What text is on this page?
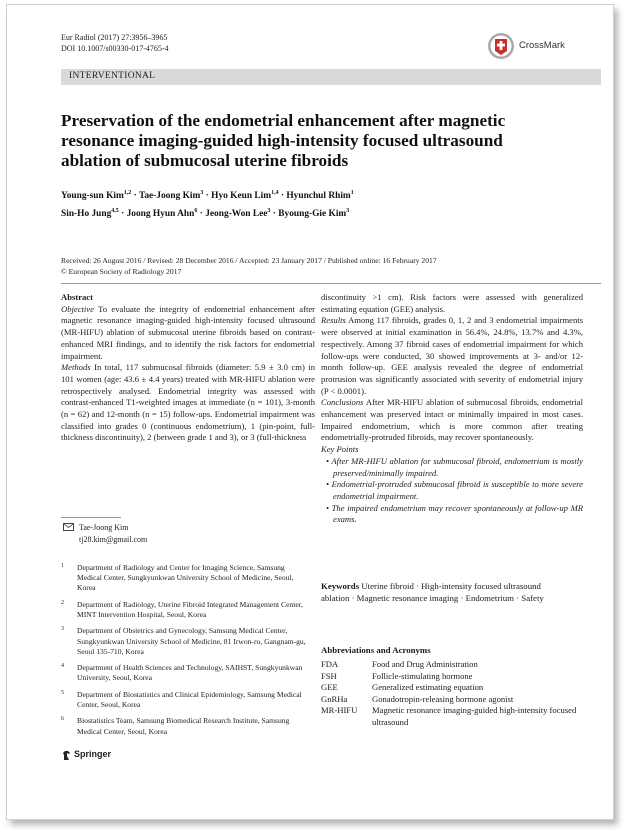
Eur Radiol (2017) 27:3956–3965
DOI 10.1007/s00330-017-4765-4	CrossMark
INTERVENTIONAL
Preservation of the endometrial enhancement after magnetic
resonance imaging-guided high-intensity focused ultrasound
ablation of submucosal uterine fibroids
Young-sun Kim$^{1,2}$ · Tae-Joong Kim$^3$ · Hyo Keun Lim$^{1,4}$ · Hyunchul Rhim$^1$
Sin-Ho Jung$^{4,5}$ · Joong Hyun Ahn$^6$ · Jeong-Won Lee$^3$ · Byoung-Gie Kim$^3$
Received: 26 August 2016 / Revised: 28 December 2016 / Accepted: 23 January 2017 / Published online: 16 February 2017
© European Society of Radiology 2017
Abstract

Objective To evaluate the integrity of endometrial enhancement after magnetic resonance imaging-guided high-intensity focused ultrasound (MR-HIFU) ablation of submucosal uterine fibroids based on contrast-enhanced MRI findings, and to identify the risk factors for endometrial impairment.

Methods In total, 117 submucosal fibroids (diameter: 5.9 ± 3.0 cm) in 101 women (age: 43.6 ± 4.4 years) treated with MR-HIFU ablation were retrospectively analysed. Endometrial integrity was assessed with contrast-enhanced T1-weighted images at immediate (n = 101), 3-month (n = 62) and 12-month (n = 15) follow-ups. Endometrial impairment was classified into grades 0 (continuous endometrium), 1 (pin-point, full-thickness discontinuity), 2 (between grade 1 and 3), or 3 (full-thickness

Tae-Joong Kim
tj28.kim@gmail.com
1 Department of Radiology and Center for Imaging Science, Samsung Medical Center, Sungkyunkwan University School of Medicine, Seoul, Korea
2 Department of Radiology, Uterine Fibroid Integrated Management Center, MINT Intervention Hospital, Seoul, Korea
3 Department of Obstetrics and Gynecology, Samsung Medical Center, Sungkyunkwan University School of Medicine, 81 Irwon-ro, Gangnam-gu, Seoul 135-710, Korea
4 Department of Health Sciences and Technology, SAIHST, Sungkyunkwan University, Seoul, Korea
5 Department of Biostatistics and Clinical Epidemiology, Samsung Medical Center, Seoul, Korea
6 Biostatistics Team, Samsung Biomedical Research Institute, Samsung Medical Center, Seoul, Korea

discontinuity >1 cm). Risk factors were assessed with generalized estimating equation (GEE) analysis.

Results Among 117 fibroids, grades 0, 1, 2 and 3 endometrial impairments were observed at initial examination in 56.4%, 24.8%, 13.7% and 4.3%, respectively. Among 37 fibroid cases of endometrial impairment for which follow-ups were conducted, 30 showed improvements at 3- and/or 12-month follow-up. GEE analysis revealed the degree of endometrial protrusion was significantly associated with severity of endometrial injury (P < 0.0001).

Conclusions After MR-HIFU ablation of submucosal fibroids, endometrial enhancement was preserved intact or minimally impaired in most cases. Impaired endometrium, which is more common after treating endometrially-protruded fibroids, may recover spontaneously.

Key Points

• After MR-HIFU ablation for submucosal fibroid, endometrium is mostly preserved/minimally impaired.

• Endometrial-protruded submucosal fibroid is susceptible to more severe endometrial impairment.

• The impaired endometrium may recover spontaneously at follow-up MR exams.

Keywords Uterine fibroid · High-intensity focused ultrasound ablation · Magnetic resonance imaging · Endometrium · Safety
Abbreviations and Acronyms
FDA	Food and Drug Administration
FSH	Follicle-stimulating hormone
GEE	Generalized estimating equation
GnRHa	Gonadotropin-releasing hormone agonist
MR-HIFU	Magnetic resonance imaging-guided high-intensity focused ultrasound
Springer
